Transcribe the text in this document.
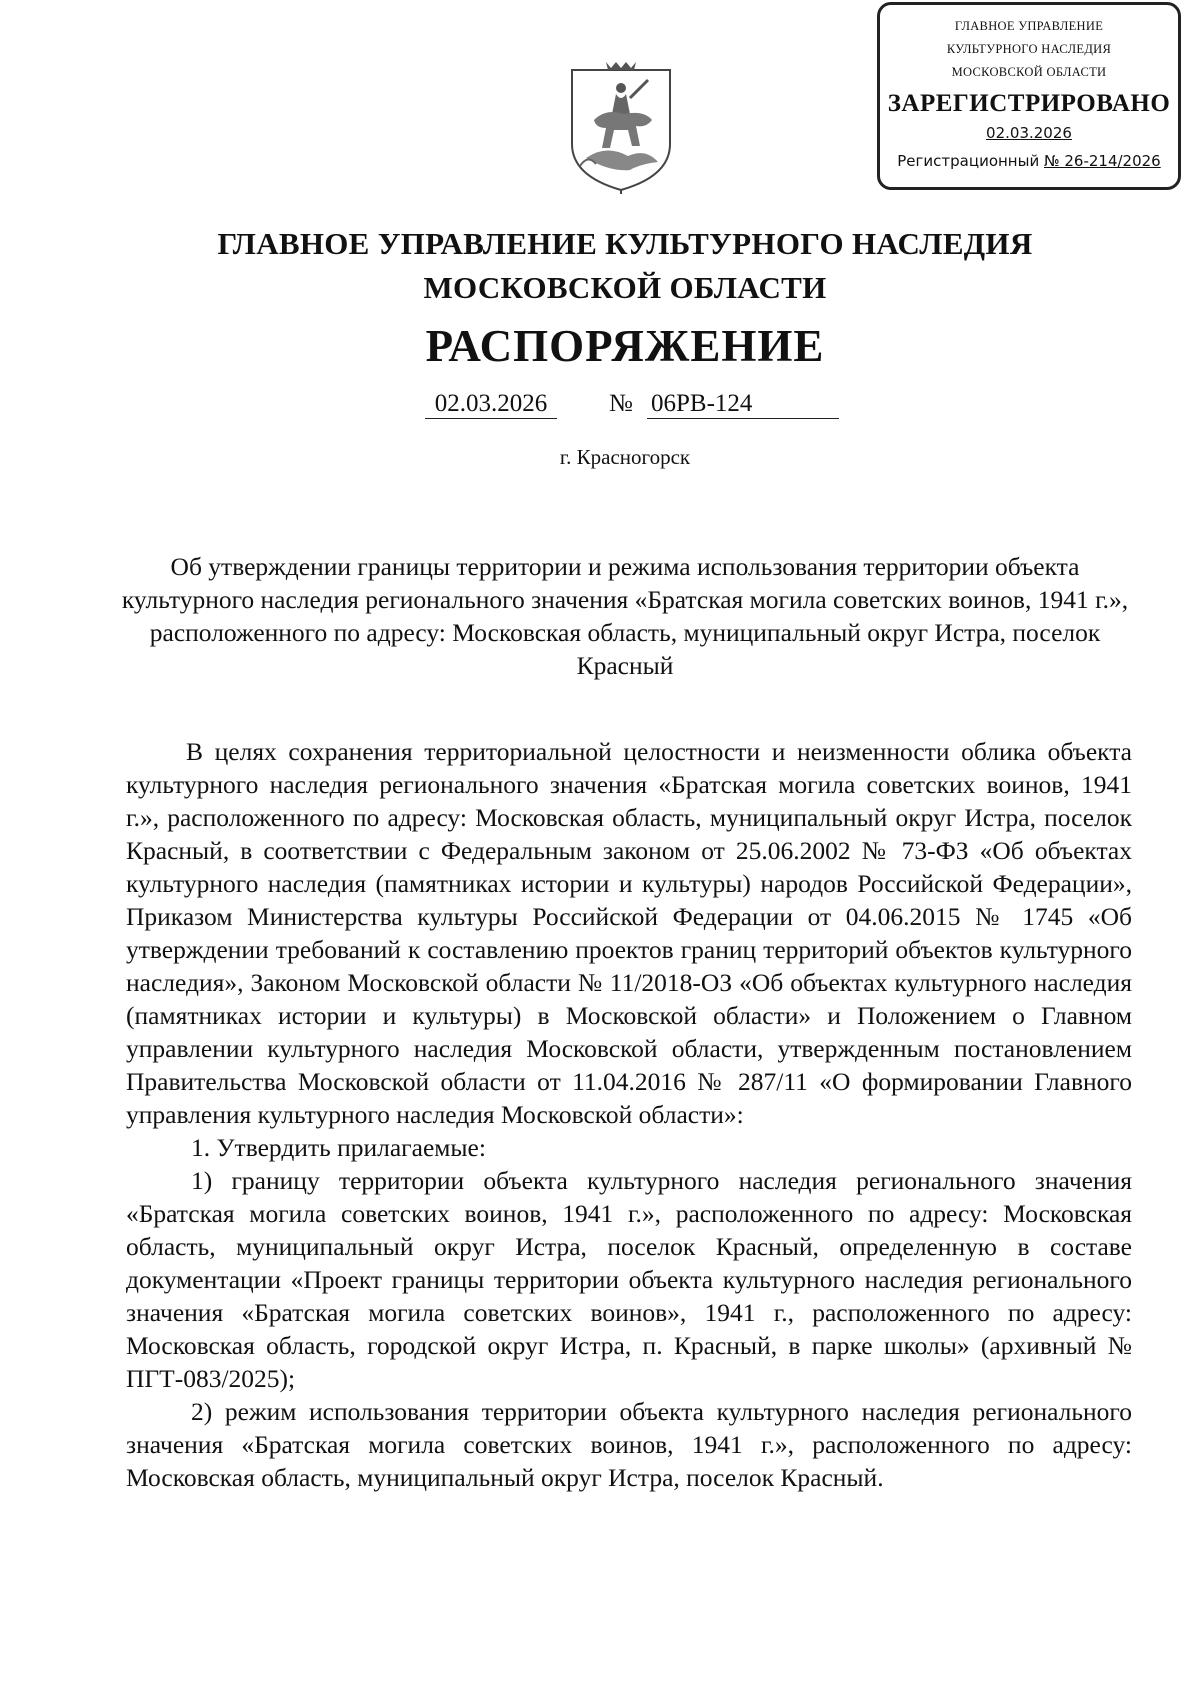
ГЛАВНОЕ УПРАВЛЕНИЕ
КУЛЬТУРНОГО НАСЛЕДИЯ
МОСКОВСКОЙ ОБЛАСТИ
ЗАРЕГИСТРИРОВАНО
02.03.2026
Регистрационный № 26-214/2026
ГЛАВНОЕ УПРАВЛЕНИЕ КУЛЬТУРНОГО НАСЛЕДИЯ
МОСКОВСКОЙ ОБЛАСТИ
РАСПОРЯЖЕНИЕ
02.03.2026	№ 06РВ-124
г. Красногорск
Об утверждении границы территории и режима использования территории объекта культурного наследия регионального значения «Братская могила советских воинов, 1941 г.», расположенного по адресу: Московская область, муниципальный округ Истра, поселок Красный

В целях сохранения территориальной целостности и неизменности облика объекта культурного наследия регионального значения «Братская могила советских воинов, 1941 г.», расположенного по адресу: Московская область, муниципальный округ Истра, поселок Красный, в соответствии с Федеральным законом от 25.06.2002 № 73-ФЗ «Об объектах культурного наследия (памятниках истории и культуры) народов Российской Федерации», Приказом Министерства культуры Российской Федерации от 04.06.2015 № 1745 «Об утверждении требований к составлению проектов границ территорий объектов культурного наследия», Законом Московской области № 11/2018-ОЗ «Об объектах культурного наследия (памятниках истории и культуры) в Московской области» и Положением о Главном управлении культурного наследия Московской области, утвержденным постановлением Правительства Московской области от 11.04.2016 № 287/11 «О формировании Главного управления культурного наследия Московской области»:

1. Утвердить прилагаемые:

1) границу территории объекта культурного наследия регионального значения «Братская могила советских воинов, 1941 г.», расположенного по адресу: Московская область, муниципальный округ Истра, поселок Красный, определенную в составе документации «Проект границы территории объекта культурного наследия регионального значения «Братская могила советских воинов», 1941 г., расположенного по адресу: Московская область, городской округ Истра, п. Красный, в парке школы» (архивный № ПГТ-083/2025);

2) режим использования территории объекта культурного наследия регионального значения «Братская могила советских воинов, 1941 г.», расположенного по адресу: Московская область, муниципальный округ Истра, поселок Красный.
